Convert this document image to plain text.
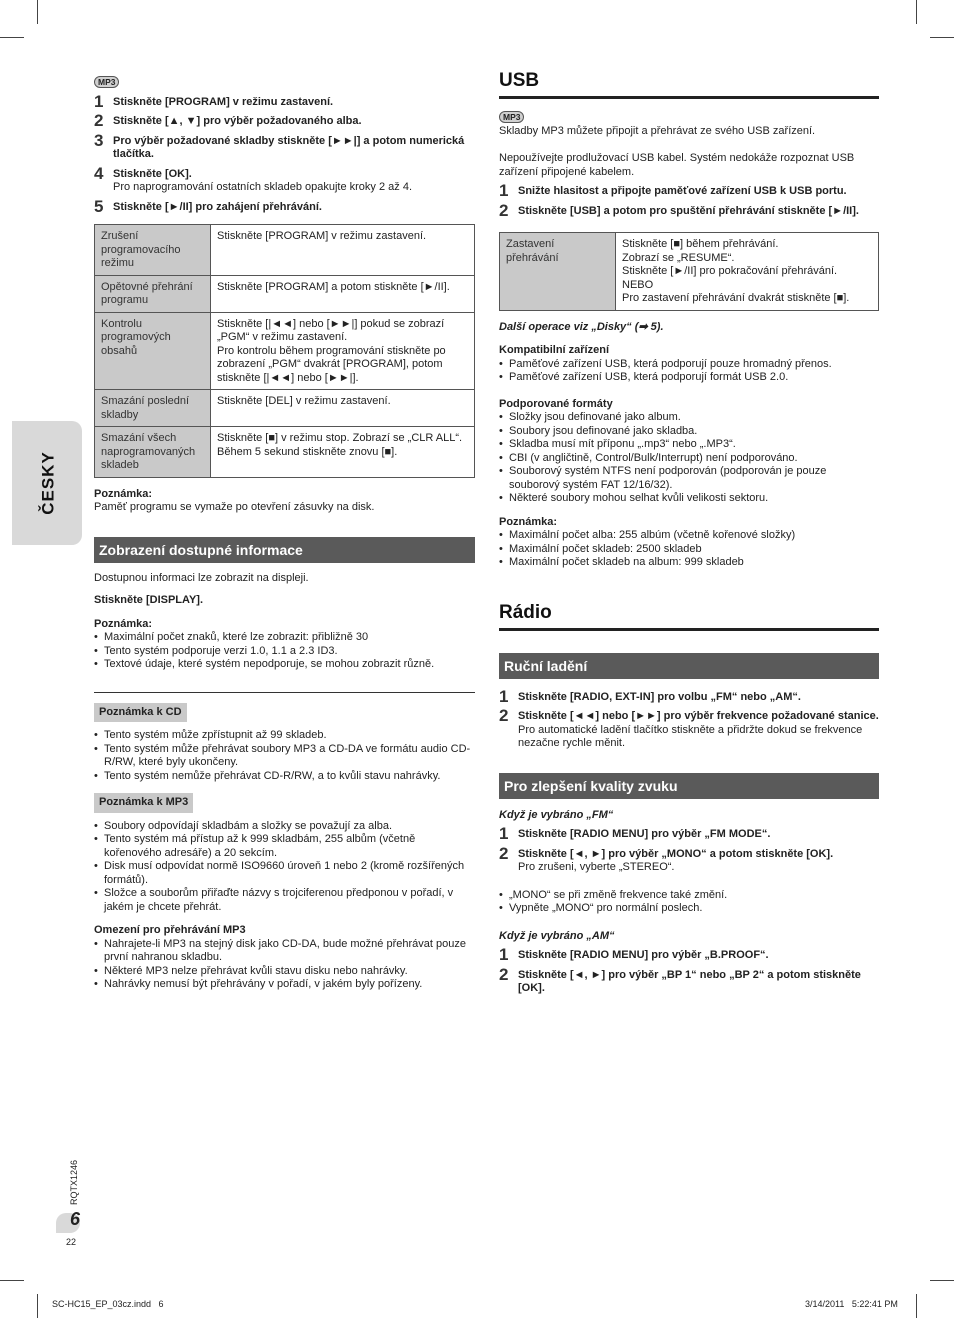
ČESKY
MP3
1 Stiskněte [PROGRAM] v režimu zastavení.
2 Stiskněte [▲, ▼] pro výběr požadovaného alba.
3 Pro výběr požadované skladby stiskněte [►►|] a potom numerická tlačítka.
4 Stiskněte [OK].
Pro naprogramování ostatních skladeb opakujte kroky 2 až 4.
5 Stiskněte [►/II] pro zahájení přehrávání.
Zrušení programovacího režimu	Stiskněte [PROGRAM] v režimu zastavení.
Opětovné přehrání programu	Stiskněte [PROGRAM] a potom stiskněte [►/II].
Kontrolu programových obsahů	Stiskněte [|◄◄] nebo [►►|] pokud se zobrazí „PGM“ v režimu zastavení.
Pro kontrolu během programování stiskněte po zobrazení „PGM“ dvakrát [PROGRAM], potom stiskněte [|◄◄] nebo [►►|].
Smazání poslední skladby	Stiskněte [DEL] v režimu zastavení.
Smazání všech naprogramovaných skladeb	Stiskněte [■] v režimu stop. Zobrazí se „CLR ALL“. Během 5 sekund stiskněte znovu [■].
Poznámka:
Paměť programu se vymaže po otevření zásuvky na disk.
Zobrazení dostupné informace
Dostupnou informaci lze zobrazit na displeji.
Stiskněte [DISPLAY].
Poznámka:
• Maximální počet znaků, které lze zobrazit: přibližně 30
• Tento systém podporuje verzi 1.0, 1.1 a 2.3 ID3.
• Textové údaje, které systém nepodporuje, se mohou zobrazit různě.
Poznámka k CD
• Tento systém může zpřístupnit až 99 skladeb.
• Tento systém může přehrávat soubory MP3 a CD-DA ve formátu audio CD-R/RW, které byly ukončeny.
• Tento systém nemůže přehrávat CD-R/RW, a to kvůli stavu nahrávky.
Poznámka k MP3
• Soubory odpovídají skladbám a složky se považují za alba.
• Tento systém má přístup až k 999 skladbám, 255 albům (včetně kořenového adresáře) a 20 sekcím.
• Disk musí odpovídat normě ISO9660 úroveň 1 nebo 2 (kromě rozšířených formátů).
• Složce a souborům přiřaďte názvy s trojciferenou předponou v pořadí, v jakém je chcete přehrát.
Omezení pro přehrávání MP3
• Nahrajete-li MP3 na stejný disk jako CD-DA, bude možné přehrávat pouze první nahranou skladbu.
• Některé MP3 nelze přehrávat kvůli stavu disku nebo nahrávky.
• Nahrávky nemusí být přehrávány v pořadí, v jakém byly pořízeny.
USB
MP3
Skladby MP3 můžete připojit a přehrávat ze svého USB zařízení.
Nepoužívejte prodlužovací USB kabel. Systém nedokáže rozpoznat USB zařízení připojené kabelem.
1 Snižte hlasitost a připojte paměťové zařízení USB k USB portu.
2 Stiskněte [USB] a potom pro spuštění přehrávání stiskněte [►/II].
Zastavení přehrávání	Stiskněte [■] během přehrávání.
Zobrazí se „RESUME“.
Stiskněte [►/II] pro pokračování přehrávání.
NEBO
Pro zastavení přehrávání dvakrát stiskněte [■].
Další operace viz „Disky“ (➡ 5).
Kompatibilní zařízení
• Paměťové zařízení USB, která podporují pouze hromadný přenos.
• Paměťové zařízení USB, která podporují formát USB 2.0.
Podporované formáty
• Složky jsou definované jako album.
• Soubory jsou definované jako skladba.
• Skladba musí mít příponu „.mp3“ nebo „.MP3“.
• CBI (v angličtině, Control/Bulk/Interrupt) není podporováno.
• Souborový systém NTFS není podporován (podporován je pouze souborový systém FAT 12/16/32).
• Některé soubory mohou selhat kvůli velikosti sektoru.
Poznámka:
• Maximální počet alba: 255 albúm (včetně kořenové složky)
• Maximální počet skladeb: 2500 skladeb
• Maximální počet skladeb na album: 999 skladeb
Rádio
Ruční ladění
1 Stiskněte [RADIO, EXT-IN] pro volbu „FM“ nebo „AM“.
2 Stiskněte [◄◄] nebo [►►] pro výběr frekvence požadované stanice.
Pro automatické ladění tlačítko stiskněte a přidržte dokud se frekvence nezačne rychle měnit.
Pro zlepšení kvality zvuku
Když je vybráno „FM“
1 Stiskněte [RADIO MENU] pro výběr „FM MODE“.
2 Stiskněte [◄, ►] pro výběr „MONO“ a potom stiskněte [OK].
Pro zrušeni, vyberte „STEREO“.
• „MONO“ se při změně frekvence také změní.
• Vypněte „MONO“ pro normální poslech.
Když je vybráno „AM“
1 Stiskněte [RADIO MENU] pro výběr „B.PROOF“.
2 Stiskněte [◄, ►] pro výběr „BP 1“ nebo „BP 2“ a potom stiskněte [OK].
RQTX1246
6
22
SC-HC15_EP_03cz.indd   6	3/14/2011   5:22:41 PM
